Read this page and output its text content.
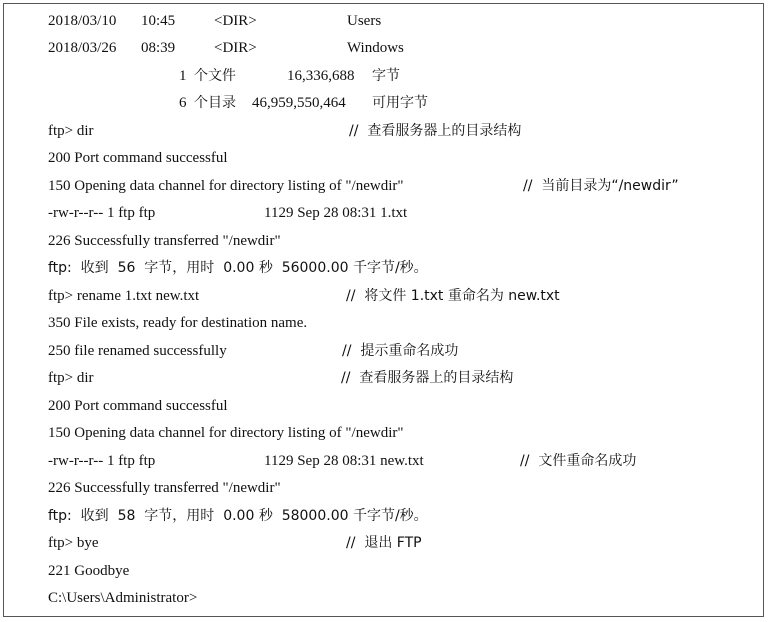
2018/03/10 10:45	<DIR>	Users
2018/03/26 08:39	<DIR>	Windows
1 个文件	16,336,688 字节
6 个目录 46,959,550,464 可用字节
ftp> dir	//  查看服务器上的目录结构
200 Port command successful
150 Opening data channel for directory listing of "/newdir"	//  当前目录为“/newdir”
-rw-r--r-- 1 ftp ftp	1129 Sep 28 08:31 1.txt
226 Successfully transferred "/newdir"
ftp:  收到  56  字节，用时  0.00 秒  56000.00 千字节/秒。
ftp> rename 1.txt new.txt	//  将文件 1.txt 重命名为 new.txt
350 File exists, ready for destination name.
250 file renamed successfully	//  提示重命名成功
ftp> dir	//  查看服务器上的目录结构
200 Port command successful
150 Opening data channel for directory listing of "/newdir"
-rw-r--r-- 1 ftp ftp	1129 Sep 28 08:31 new.txt	//  文件重命名成功
226 Successfully transferred "/newdir"
ftp:  收到  58  字节，用时  0.00 秒  58000.00 千字节/秒。
ftp> bye	//  退出 FTP
221 Goodbye
C:\Users\Administrator>
